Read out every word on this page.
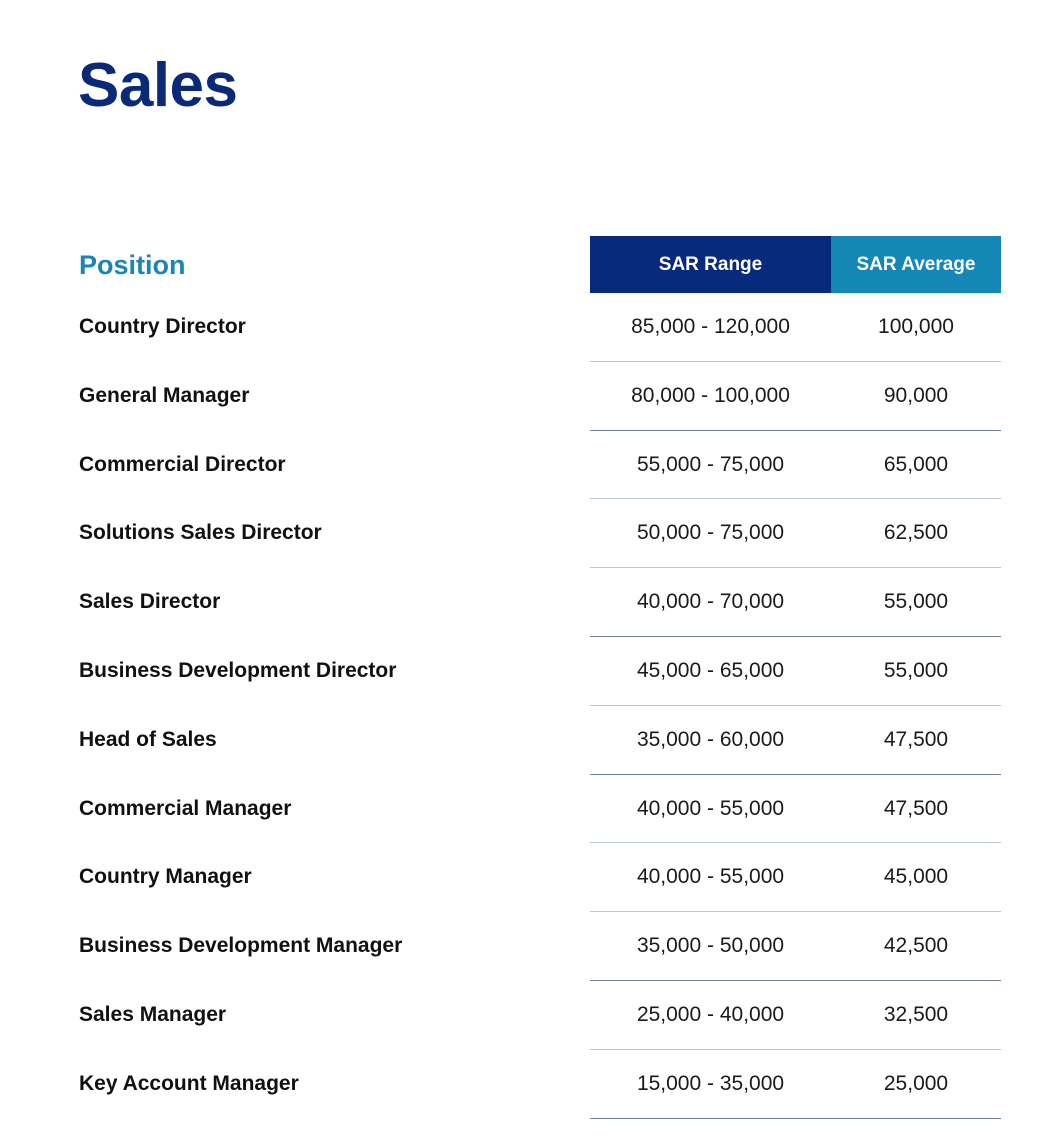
Sales
Position	SAR Range	SAR Average
Country Director	85,000 - 120,000	100,000
General Manager	80,000 - 100,000	90,000
Commercial Director	55,000 - 75,000	65,000
Solutions Sales Director	50,000 - 75,000	62,500
Sales Director	40,000 - 70,000	55,000
Business Development Director	45,000 - 65,000	55,000
Head of Sales	35,000 - 60,000	47,500
Commercial Manager	40,000 - 55,000	47,500
Country Manager	40,000 - 55,000	45,000
Business Development Manager	35,000 - 50,000	42,500
Sales Manager	25,000 - 40,000	32,500
Key Account Manager	15,000 - 35,000	25,000
